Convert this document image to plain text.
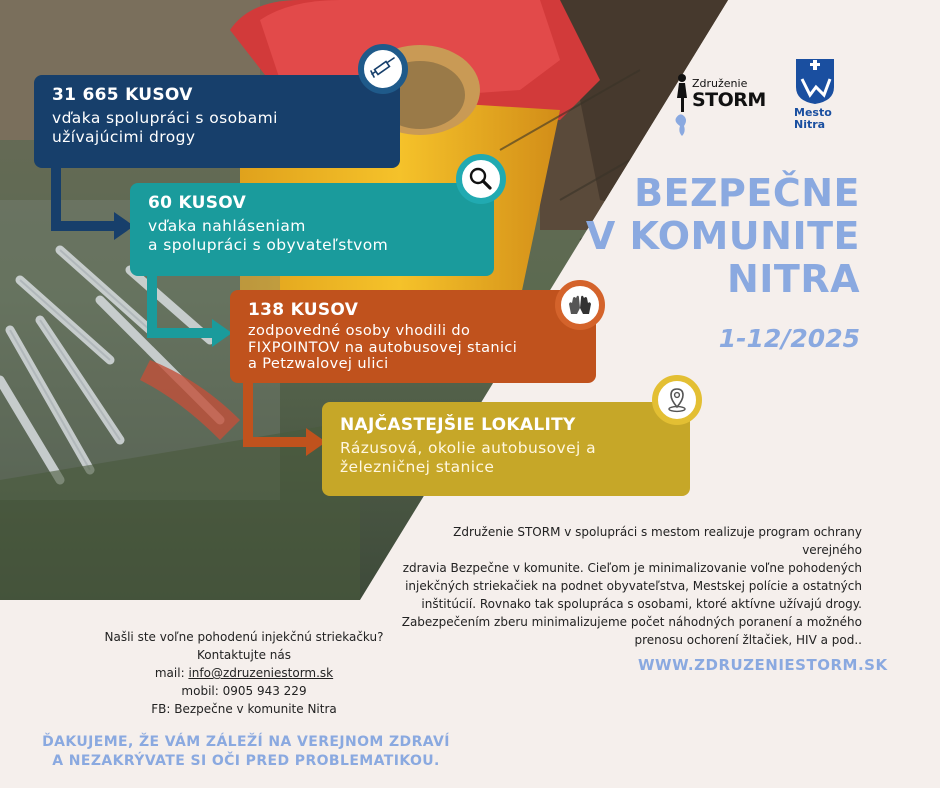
31 665 KUSOV
vďaka spolupráci s osobami
užívajúcimi drogy
60 KUSOV
vďaka nahláseniam
a spolupráci s obyvateľstvom
138 KUSOV
zodpovedné osoby vhodili do
FIXPOINTOV na autobusovej stanici
a Petzwalovej ulici
NAJČASTEJŠIE LOKALITY
Rázusová, okolie autobusovej a
železničnej stanice
Združenie
STORM
Mesto
Nitra
BEZPEČNE
V KOMUNITE
NITRA
1-12/2025
Združenie STORM v spolupráci s mestom realizuje program ochrany verejného
zdravia Bezpečne v komunite. Cieľom je minimalizovanie voľne pohodených
injekčných striekačiek na podnet obyvateľstva, Mestskej polície a ostatných
inštitúcií. Rovnako tak spolupráca s osobami, ktoré aktívne užívajú drogy.
Zabezpečením zberu minimalizujeme počet náhodných poranení a možného
prenosu ochorení žltačiek, HIV a pod..
WWW.ZDRUZENIESTORM.SK
Našli ste voľne pohodenú injekčnú striekačku?
Kontaktujte nás
mail: info@zdruzeniestorm.sk
mobil: 0905 943 229
FB: Bezpečne v komunite Nitra
ĎAKUJEME, ŽE VÁM ZÁLEŽÍ NA VEREJNOM ZDRAVÍ
A NEZAKRÝVATE SI OČI PRED PROBLEMATIKOU.
